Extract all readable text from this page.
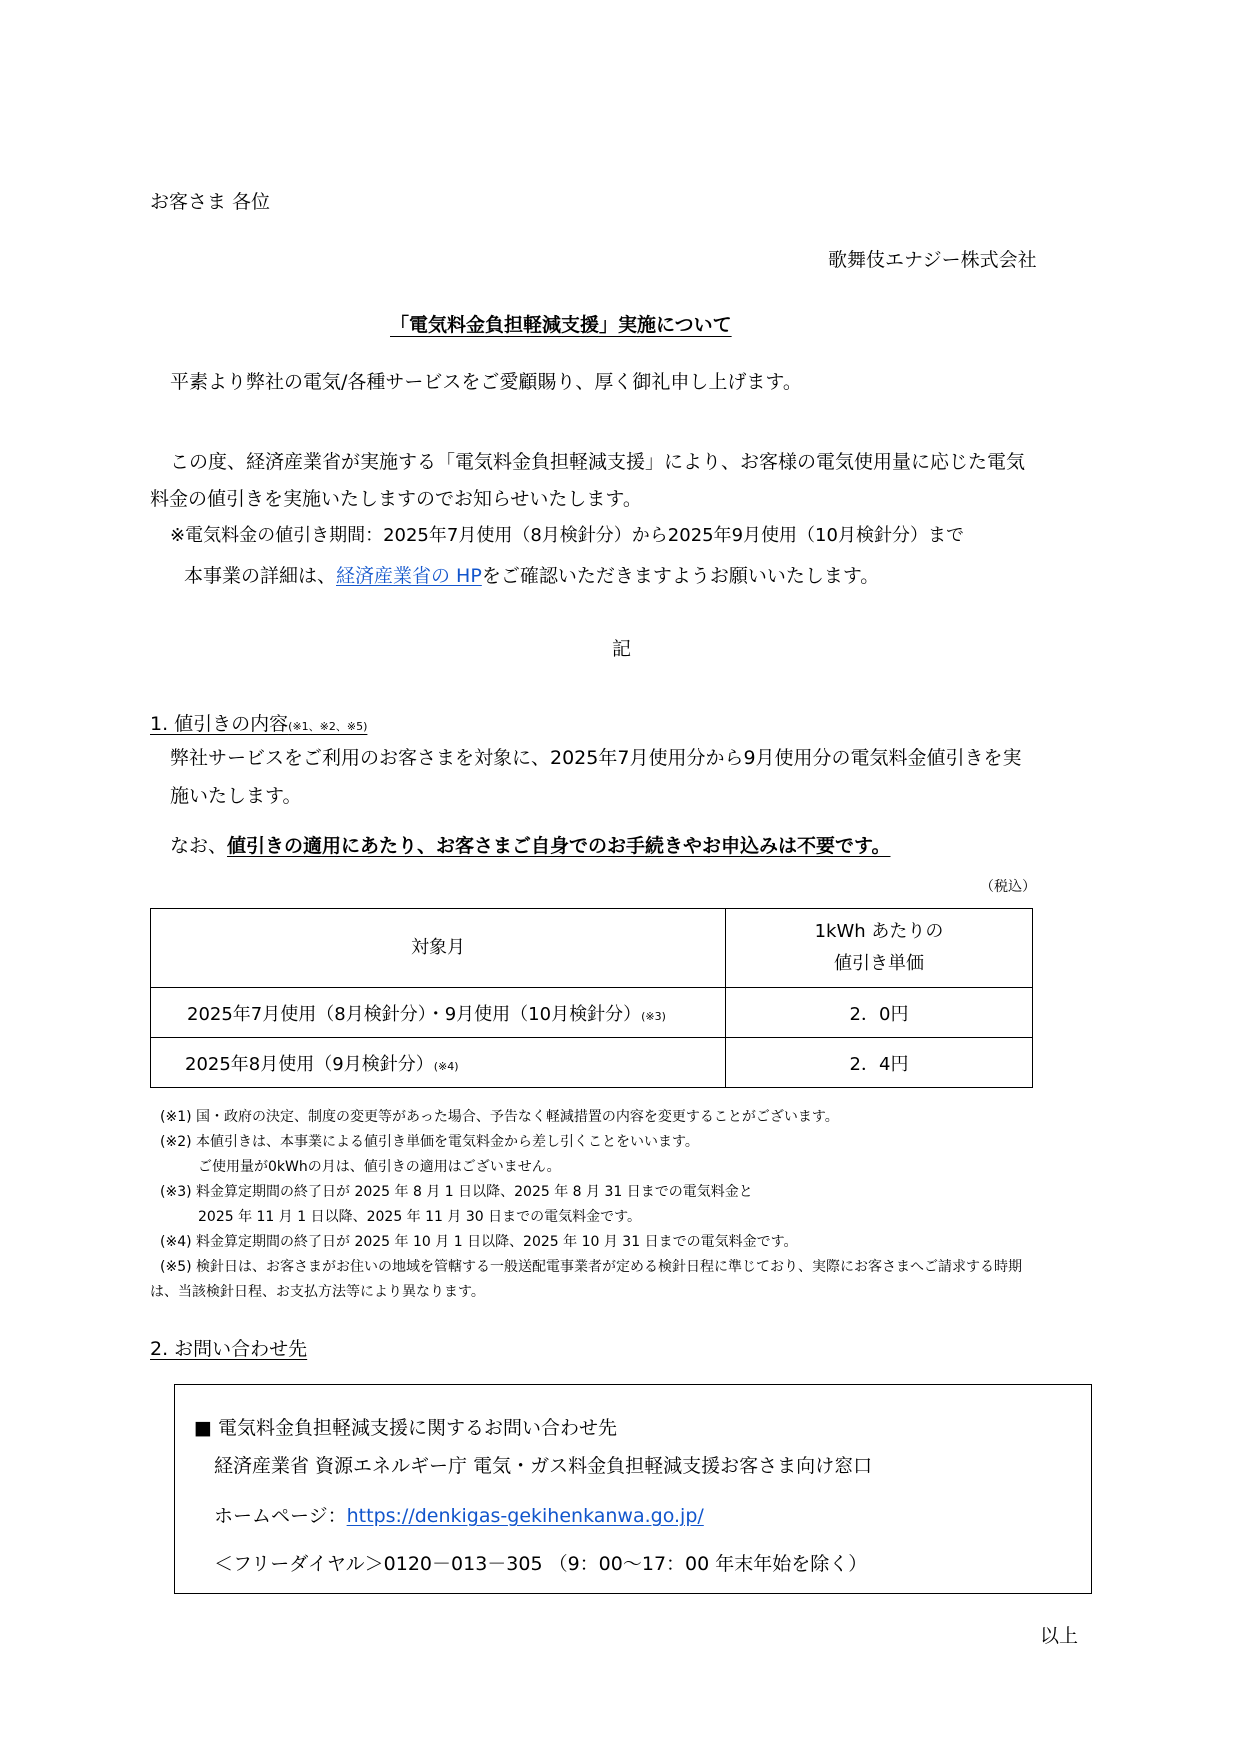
お客さま 各位
歌舞伎エナジー株式会社
「電気料金負担軽減支援」実施について
平素より弊社の電気/各種サービスをご愛顧賜り、厚く御礼申し上げます。
この度、経済産業省が実施する「電気料金負担軽減支援」により、お客様の電気使用量に応じた電気
料金の値引きを実施いたしますのでお知らせいたします。
※電気料金の値引き期間：2025年7月使用（8月検針分）から2025年9月使用（10月検針分）まで
本事業の詳細は、経済産業省の HPをご確認いただきますようお願いいたします。
記
1. 値引きの内容(※1、※2、※5)
弊社サービスをご利用のお客さまを対象に、2025年7月使用分から9月使用分の電気料金値引きを実
施いたします。
なお、値引きの適用にあたり、お客さまご自身でのお手続きやお申込みは不要です。
（税込）
対象月	1kWh あたりの
値引き単価

2025年7月使用（8月検針分）・9月使用（10月検針分）(※3)	2．0円
2025年8月使用（9月検針分）(※4)	2．4円
(※1) 国・政府の決定、制度の変更等があった場合、予告なく軽減措置の内容を変更することがございます。
(※2) 本値引きは、本事業による値引き単価を電気料金から差し引くことをいいます。
ご使用量が0kWhの月は、値引きの適用はございません。
(※3) 料金算定期間の終了日が 2025 年 8 月 1 日以降、2025 年 8 月 31 日までの電気料金と
2025 年 11 月 1 日以降、2025 年 11 月 30 日までの電気料金です。
(※4) 料金算定期間の終了日が 2025 年 10 月 1 日以降、2025 年 10 月 31 日までの電気料金です。
(※5) 検針日は、お客さまがお住いの地域を管轄する一般送配電事業者が定める検針日程に準じており、実際にお客さまへご請求する時期
は、当該検針日程、お支払方法等により異なります。
2. お問い合わせ先
■ 電気料金負担軽減支援に関するお問い合わせ先
経済産業省 資源エネルギー庁 電気・ガス料金負担軽減支援お客さま向け窓口
ホームページ：https://denkigas-gekihenkanwa.go.jp/
＜フリーダイヤル＞0120－013－305 （9：00～17：00 年末年始を除く）
以上
